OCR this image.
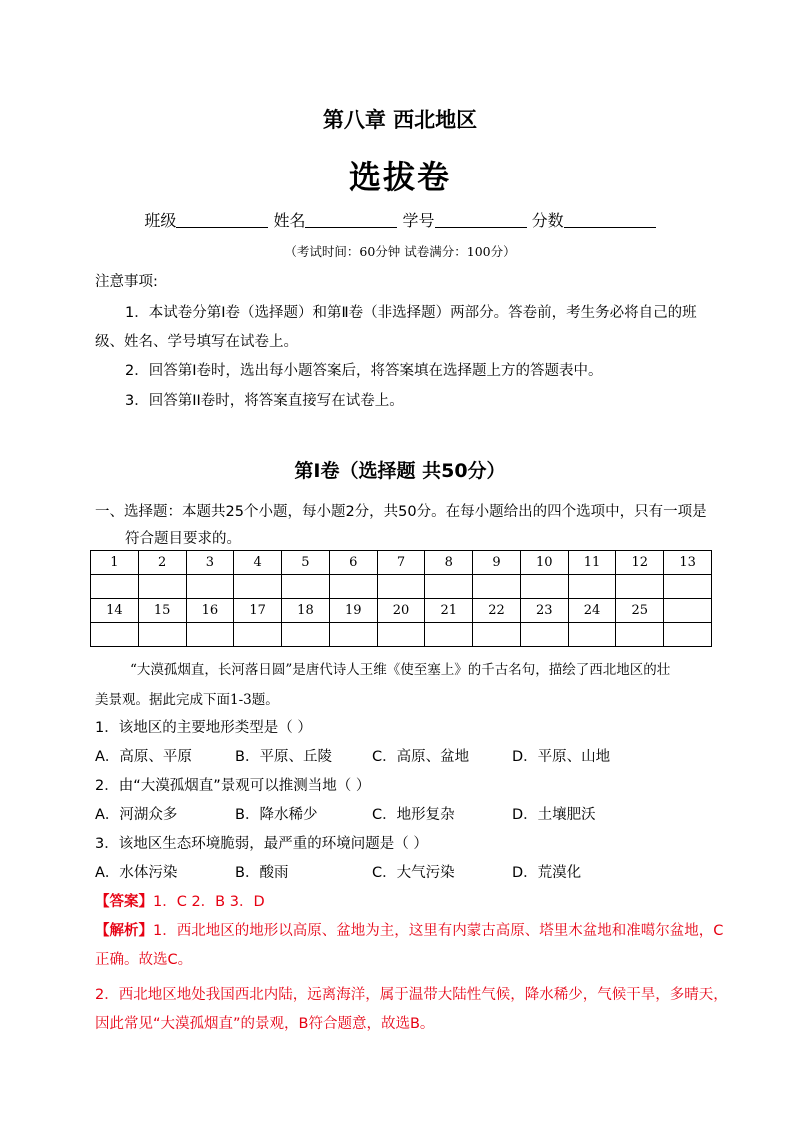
第八章 西北地区
选拔卷
班级	姓名	学号	分数
（考试时间：60分钟 试卷满分：100分）
注意事项:
1．本试卷分第Ⅰ卷（选择题）和第Ⅱ卷（非选择题）两部分。答卷前，考生务必将自己的班
级、姓名、学号填写在试卷上。
2．回答第Ⅰ卷时，选出每小题答案后，将答案填在选择题上方的答题表中。
3．回答第II卷时，将答案直接写在试卷上。
第Ⅰ卷（选择题 共50分）
一、选择题：本题共25个小题，每小题2分，共50分。在每小题给出的四个选项中，只有一项是
符合题目要求的。
1	2	3	4	5	6	7	8	9	10	11	12	13

14	15	16	17	18	19	20	21	22	23	24	25	

“大漠孤烟直，长河落日圆”是唐代诗人王维《使至塞上》的千古名句，描绘了西北地区的壮
美景观。据此完成下面1-3题。
1．该地区的主要地形类型是（ ）
A．高原、平原	B．平原、丘陵	C．高原、盆地	D．平原、山地
2．由“大漠孤烟直”景观可以推测当地（ ）
A．河湖众多	B．降水稀少	C．地形复杂	D．土壤肥沃
3．该地区生态环境脆弱，最严重的环境问题是（ ）
A．水体污染	B．酸雨	C．大气污染	D．荒漠化
【答案】1．C 2．B 3．D
【解析】1．西北地区的地形以高原、盆地为主，这里有内蒙古高原、塔里木盆地和准噶尔盆地，C
正确。故选C。
2．西北地区地处我国西北内陆，远离海洋，属于温带大陆性气候，降水稀少，气候干旱，多晴天，
因此常见“大漠孤烟直”的景观，B符合题意，故选B。
